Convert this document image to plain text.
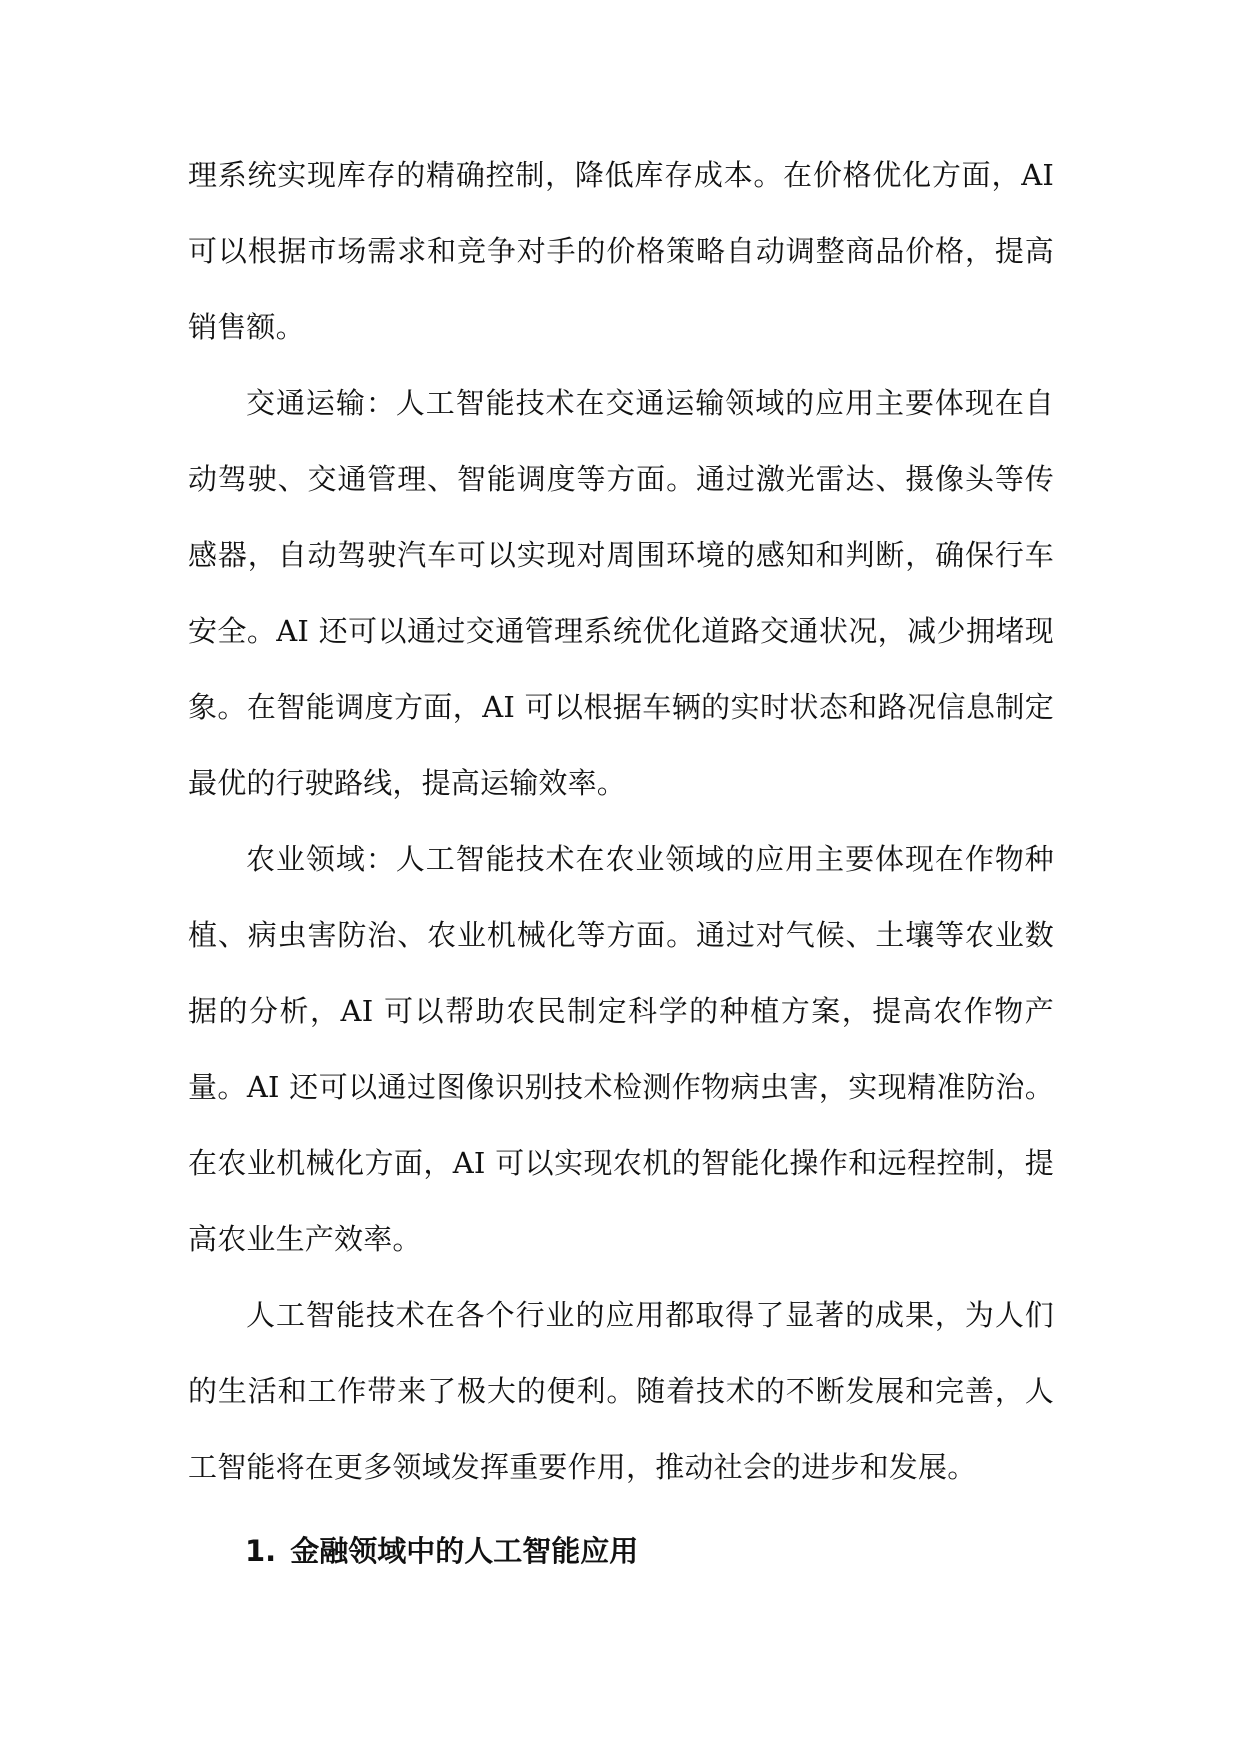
理系统实现库存的精确控制，降低库存成本。在价格优化方面，AI 可以根据市场需求和竞争对手的价格策略自动调整商品价格，提高销售额。

交通运输：人工智能技术在交通运输领域的应用主要体现在自动驾驶、交通管理、智能调度等方面。通过激光雷达、摄像头等传感器，自动驾驶汽车可以实现对周围环境的感知和判断，确保行车安全。AI 还可以通过交通管理系统优化道路交通状况，减少拥堵现象。在智能调度方面，AI 可以根据车辆的实时状态和路况信息制定最优的行驶路线，提高运输效率。

农业领域：人工智能技术在农业领域的应用主要体现在作物种植、病虫害防治、农业机械化等方面。通过对气候、土壤等农业数据的分析，AI 可以帮助农民制定科学的种植方案，提高农作物产量。AI 还可以通过图像识别技术检测作物病虫害，实现精准防治。在农业机械化方面，AI 可以实现农机的智能化操作和远程控制，提高农业生产效率。

人工智能技术在各个行业的应用都取得了显著的成果，为人们的生活和工作带来了极大的便利。随着技术的不断发展和完善，人工智能将在更多领域发挥重要作用，推动社会的进步和发展。

1. 金融领域中的人工智能应用
